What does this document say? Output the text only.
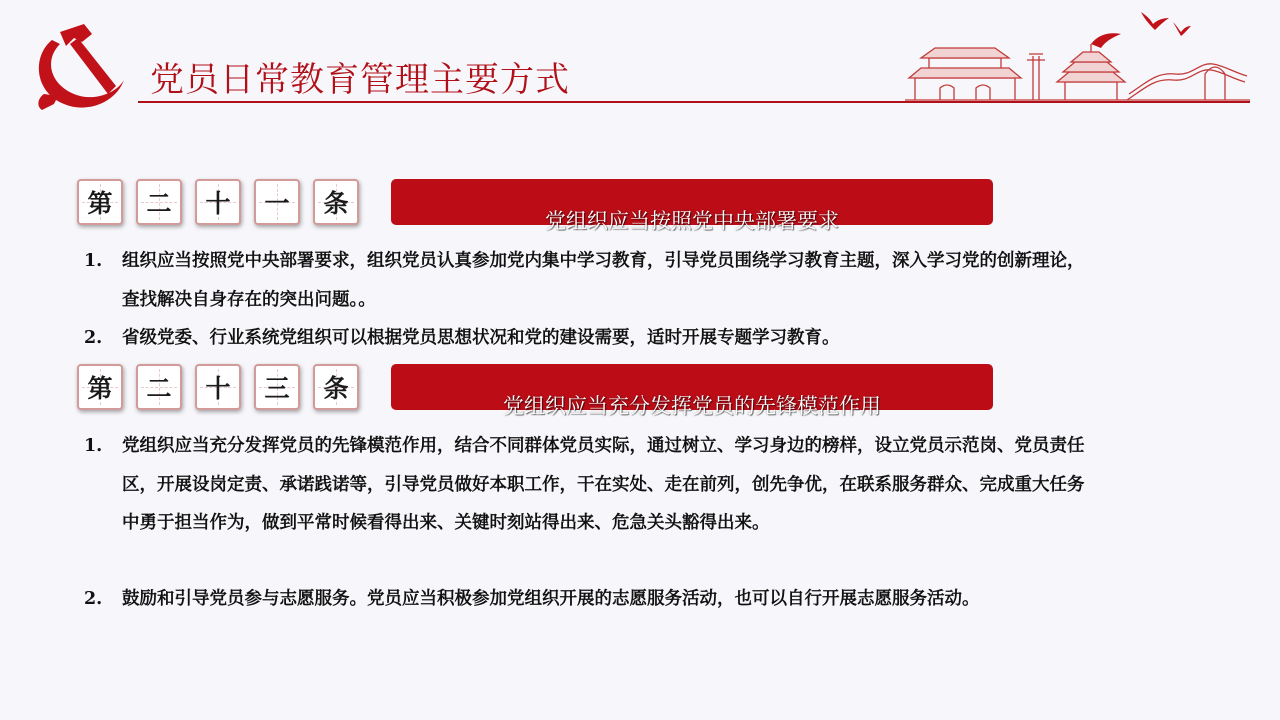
党员日常教育管理主要方式
第	二	十	一	条
党组织应当按照党中央部署要求
1.	组织应当按照党中央部署要求，组织党员认真参加党内集中学习教育，引导党员围绕学习教育主题，深入学习党的创新理论，查找解决自身存在的突出问题。。
2.	省级党委、行业系统党组织可以根据党员思想状况和党的建设需要，适时开展专题学习教育。
第	二	十	三	条
党组织应当充分发挥党员的先锋模范作用
1.	党组织应当充分发挥党员的先锋模范作用，结合不同群体党员实际，通过树立、学习身边的榜样，设立党员示范岗、党员责任区，开展设岗定责、承诺践诺等，引导党员做好本职工作，干在实处、走在前列，创先争优，在联系服务群众、完成重大任务中勇于担当作为，做到平常时候看得出来、关键时刻站得出来、危急关头豁得出来。
2.	鼓励和引导党员参与志愿服务。党员应当积极参加党组织开展的志愿服务活动，也可以自行开展志愿服务活动。
